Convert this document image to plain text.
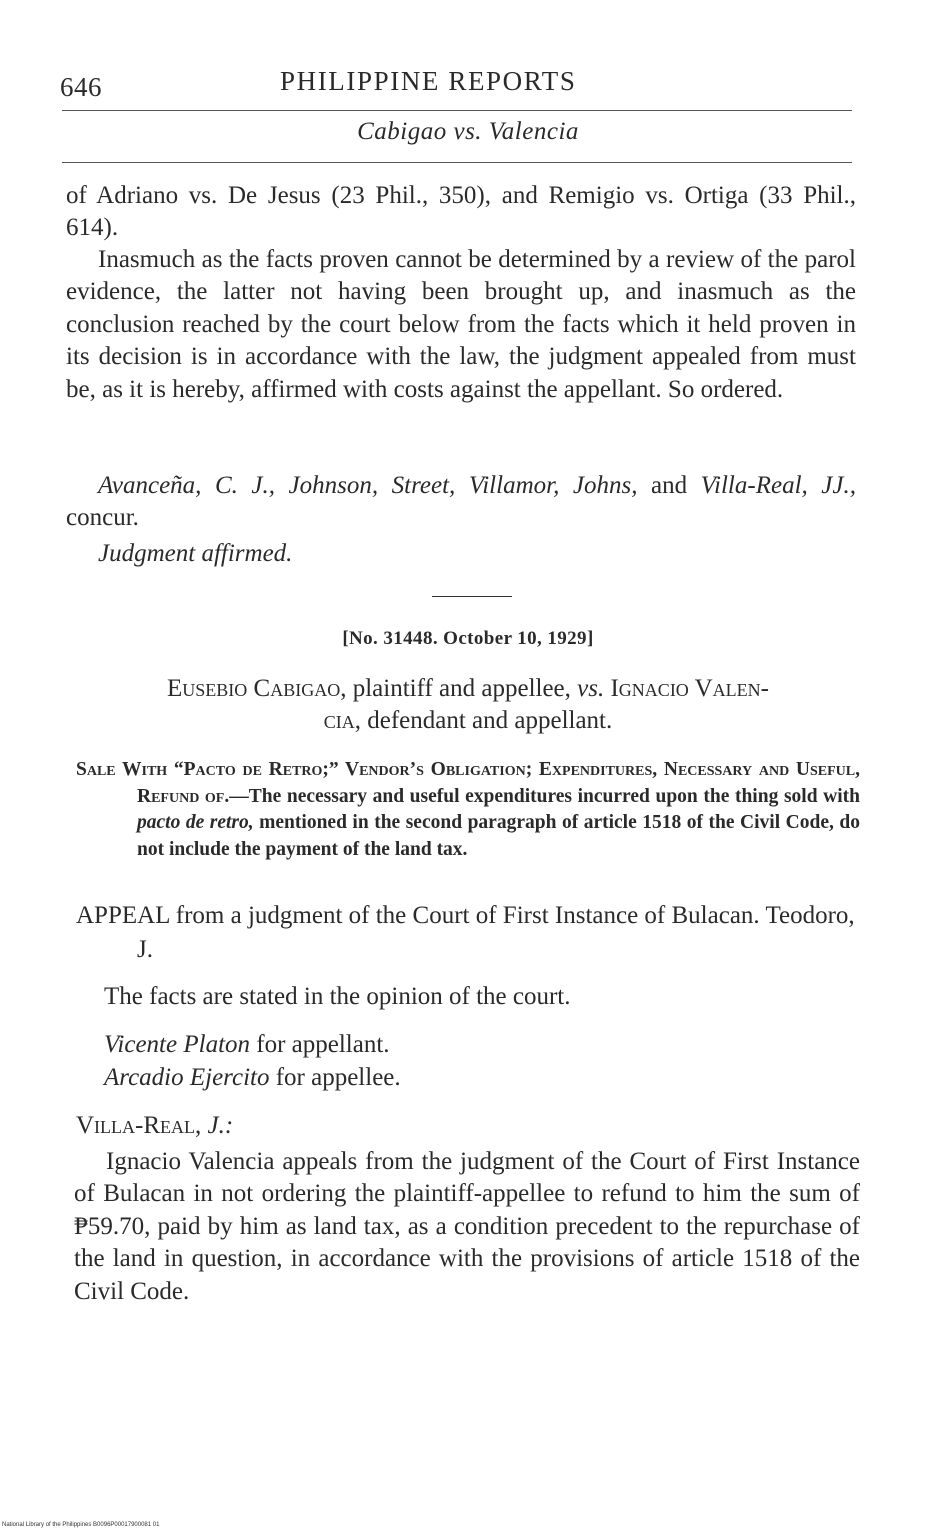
646	PHILIPPINE REPORTS
Cabigao vs. Valencia
of Adriano vs. De Jesus (23 Phil., 350), and Remigio vs. Ortiga (33 Phil., 614).
Inasmuch as the facts proven cannot be determined by a review of the parol evidence, the latter not having been brought up, and inasmuch as the conclusion reached by the court below from the facts which it held proven in its decision is in accordance with the law, the judgment appealed from must be, as it is hereby, affirmed with costs against the appellant. So ordered.
Avanceña, C. J., Johnson, Street, Villamor, Johns, and Villa-Real, JJ., concur.
Judgment affirmed.
[No. 31448. October 10, 1929]
Eusebio Cabigao, plaintiff and appellee, vs. Ignacio Valen-
cia, defendant and appellant.
Sale With “Pacto de Retro;” Vendor’s Obligation; Expenditures, Necessary and Useful, Refund of.—The necessary and useful expenditures incurred upon the thing sold with pacto de retro, mentioned in the second paragraph of article 1518 of the Civil Code, do not include the payment of the land tax.
APPEAL from a judgment of the Court of First Instance of Bulacan. Teodoro, J.
The facts are stated in the opinion of the court.
Vicente Platon for appellant.
Arcadio Ejercito for appellee.
Villa-Real, J.:
Ignacio Valencia appeals from the judgment of the Court of First Instance of Bulacan in not ordering the plaintiff-appellee to refund to him the sum of ₱59.70, paid by him as land tax, as a condition precedent to the repurchase of the land in question, in accordance with the provisions of article 1518 of the Civil Code.
National Library of the Philippines B0096P00017900081 01
